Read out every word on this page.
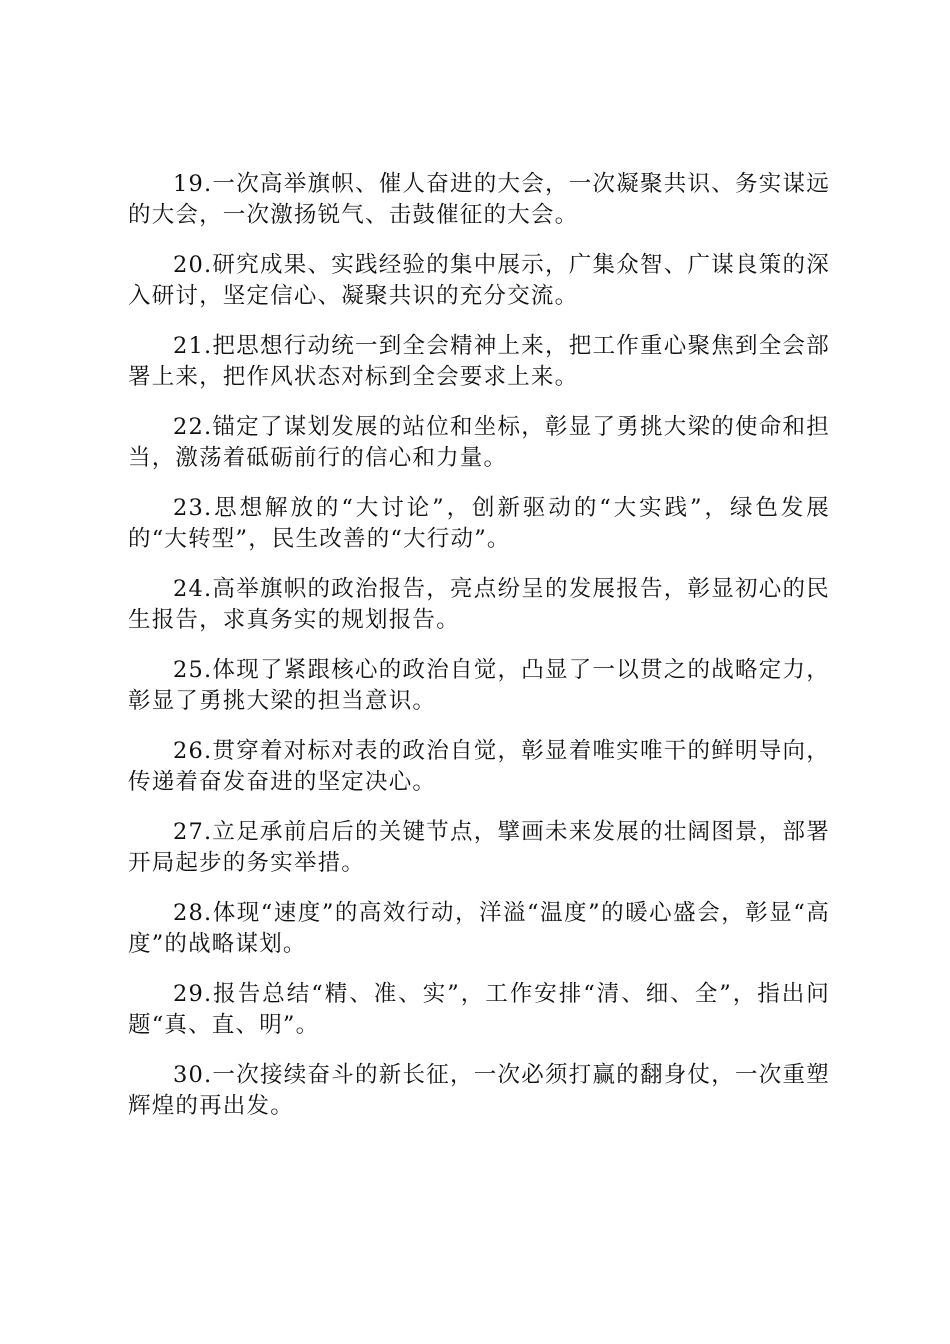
19.一次高举旗帜、催人奋进的大会，一次凝聚共识、务实谋远的大会，一次激扬锐气、击鼓催征的大会。

20.研究成果、实践经验的集中展示，广集众智、广谋良策的深入研讨，坚定信心、凝聚共识的充分交流。

21.把思想行动统一到全会精神上来，把工作重心聚焦到全会部署上来，把作风状态对标到全会要求上来。

22.锚定了谋划发展的站位和坐标，彰显了勇挑大梁的使命和担当，激荡着砥砺前行的信心和力量。

23.思想解放的“大讨论”，创新驱动的“大实践”，绿色发展的“大转型”，民生改善的“大行动”。

24.高举旗帜的政治报告，亮点纷呈的发展报告，彰显初心的民生报告，求真务实的规划报告。

25.体现了紧跟核心的政治自觉，凸显了一以贯之的战略定力，彰显了勇挑大梁的担当意识。

26.贯穿着对标对表的政治自觉，彰显着唯实唯干的鲜明导向，传递着奋发奋进的坚定决心。

27.立足承前启后的关键节点，擘画未来发展的壮阔图景，部署开局起步的务实举措。

28.体现“速度”的高效行动，洋溢“温度”的暖心盛会，彰显“高度”的战略谋划。

29.报告总结“精、准、实”，工作安排“清、细、全”，指出问题“真、直、明”。

30.一次接续奋斗的新长征，一次必须打赢的翻身仗，一次重塑辉煌的再出发。
